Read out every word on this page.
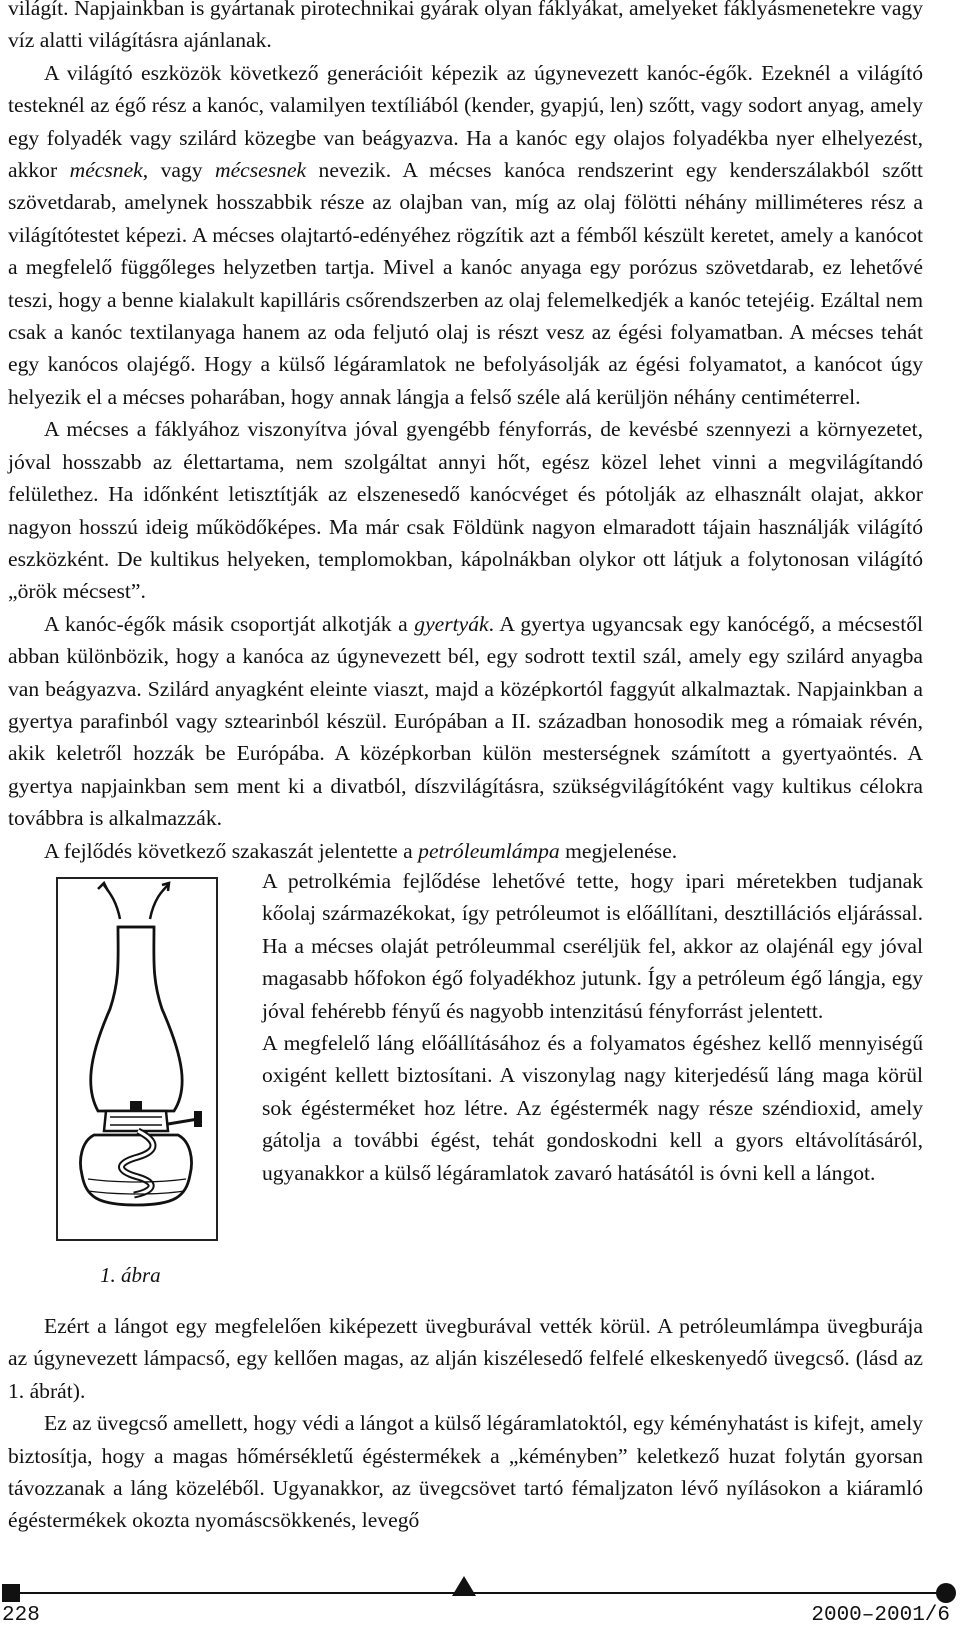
világít. Napjainkban is gyártanak pirotechnikai gyárak olyan fáklyákat, amelyeket fáklyásmenetekre vagy víz alatti világításra ajánlanak.

A világító eszközök következő generációit képezik az úgynevezett kanóc-égők. Ezeknél a világító testeknél az égő rész a kanóc, valamilyen textíliából (kender, gyapjú, len) szőtt, vagy sodort anyag, amely egy folyadék vagy szilárd közegbe van beágyazva. Ha a kanóc egy olajos folyadékba nyer elhelyezést, akkor mécsnek, vagy mécsesnek nevezik. A mécses kanóca rendszerint egy kenderszálakból szőtt szövetdarab, amelynek hosszabbik része az olajban van, míg az olaj fölötti néhány milliméteres rész a világítótestet képezi. A mécses olajtartó-edényéhez rögzítik azt a fémből készült keretet, amely a kanócot a megfelelő függőleges helyzetben tartja. Mivel a kanóc anyaga egy porózus szövetdarab, ez lehetővé teszi, hogy a benne kialakult kapilláris csőrendszerben az olaj felemelkedjék a kanóc tetejéig. Ezáltal nem csak a kanóc textilanyaga hanem az oda feljutó olaj is részt vesz az égési folyamatban. A mécses tehát egy kanócos olajégő. Hogy a külső légáramlatok ne befolyásolják az égési folyamatot, a kanócot úgy helyezik el a mécses poharában, hogy annak lángja a felső széle alá kerüljön néhány centiméterrel.

A mécses a fáklyához viszonyítva jóval gyengébb fényforrás, de kevésbé szennyezi a környezetet, jóval hosszabb az élettartama, nem szolgáltat annyi hőt, egész közel lehet vinni a megvilágítandó felülethez. Ha időnként letisztítják az elszenesedő kanócvéget és pótolják az elhasznált olajat, akkor nagyon hosszú ideig működőképes. Ma már csak Földünk nagyon elmaradott tájain használják világító eszközként. De kultikus helyeken, templomokban, kápolnákban olykor ott látjuk a folytonosan világító „örök mécsest”.

A kanóc-égők másik csoportját alkotják a gyertyák. A gyertya ugyancsak egy kanócégő, a mécsestől abban különbözik, hogy a kanóca az úgynevezett bél, egy sodrott textil szál, amely egy szilárd anyagba van beágyazva. Szilárd anyagként eleinte viaszt, majd a középkortól faggyút alkalmaztak. Napjainkban a gyertya parafinból vagy sztearinból készül. Európában a II. században honosodik meg a rómaiak révén, akik keletről hozzák be Európába. A középkorban külön mesterségnek számított a gyertyaöntés. A gyertya napjainkban sem ment ki a divatból, díszvilágításra, szükségvilágítóként vagy kultikus célokra továbbra is alkalmazzák.

A fejlődés következő szakaszát jelentette a petróleumlámpa megjelenése.

1. ábra

A petrolkémia fejlődése lehetővé tette, hogy ipari méretekben tudjanak kőolaj származékokat, így petróleumot is előállítani, desztillációs eljárással. Ha a mécses olaját petróleummal cseréljük fel, akkor az olajénál egy jóval magasabb hőfokon égő folyadékhoz jutunk. Így a petróleum égő lángja, egy jóval fehérebb fényű és nagyobb intenzitású fényforrást jelentett.

A megfelelő láng előállításához és a folyamatos égéshez kellő mennyiségű oxigént kellett biztosítani. A viszonylag nagy kiterjedésű láng maga körül sok égésterméket hoz létre. Az égéstermék nagy része széndioxid, amely gátolja a további égést, tehát gondoskodni kell a gyors eltávolításáról, ugyanakkor a külső légáramlatok zavaró hatásától is óvni kell a lángot.

Ezért a lángot egy megfelelően kiképezett üvegburával vették körül. A petróleumlámpa üvegburája az úgynevezett lámpacső, egy kellően magas, az alján kiszélesedő felfelé elkeskenyedő üvegcső. (lásd az 1. ábrát).

Ez az üvegcső amellett, hogy védi a lángot a külső légáramlatoktól, egy kéményhatást is kifejt, amely biztosítja, hogy a magas hőmérsékletű égéstermékek a „kéményben” keletkező huzat folytán gyorsan távozzanak a láng közeléből. Ugyanakkor, az üvegcsövet tartó fémaljzaton lévő nyílásokon a kiáramló égéstermékek okozta nyomáscsökkenés, levegő

228	2000–2001/6
